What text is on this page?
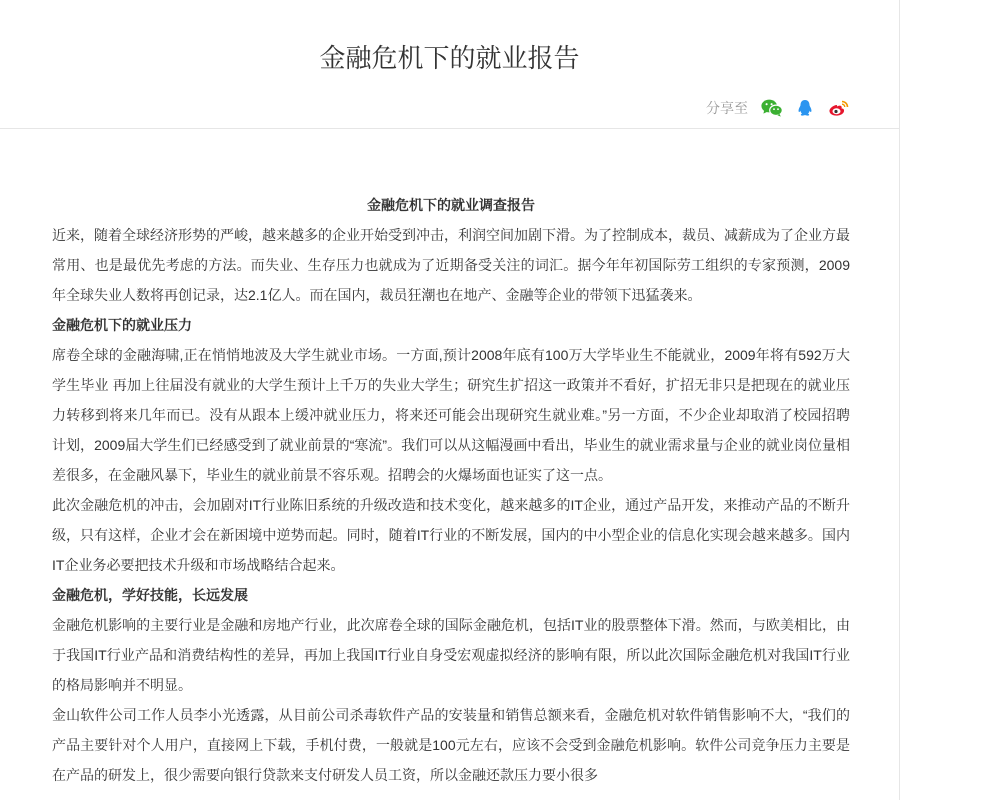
金融危机下的就业报告
分享至
金融危机下的就业调查报告
近来，随着全球经济形势的严峻，越来越多的企业开始受到冲击，利润空间加剧下滑。为了控制成本，裁员、减薪成为了企业方最
常用、也是最优先考虑的方法。而失业、生存压力也就成为了近期备受关注的词汇。据今年年初国际劳工组织的专家预测，2009
年全球失业人数将再创记录，达2.1亿人。而在国内，裁员狂潮也在地产、金融等企业的带领下迅猛袭来。
金融危机下的就业压力
席卷全球的金融海啸,正在悄悄地波及大学生就业市场。一方面,预计2008年底有100万大学毕业生不能就业，2009年将有592万大
学生毕业 再加上往届没有就业的大学生预计上千万的失业大学生；研究生扩招这一政策并不看好，扩招无非只是把现在的就业压
力转移到将来几年而已。没有从跟本上缓冲就业压力，将来还可能会出现研究生就业难。”另一方面，不少企业却取消了校园招聘
计划，2009届大学生们已经感受到了就业前景的“寒流”。我们可以从这幅漫画中看出，毕业生的就业需求量与企业的就业岗位量相
差很多，在金融风暴下，毕业生的就业前景不容乐观。招聘会的火爆场面也证实了这一点。
此次金融危机的冲击，会加剧对IT行业陈旧系统的升级改造和技术变化，越来越多的IT企业，通过产品开发，来推动产品的不断升
级，只有这样，企业才会在新困境中逆势而起。同时，随着IT行业的不断发展，国内的中小型企业的信息化实现会越来越多。国内
IT企业务必要把技术升级和市场战略结合起来。
金融危机，学好技能，长远发展
金融危机影响的主要行业是金融和房地产行业，此次席卷全球的国际金融危机，包括IT业的股票整体下滑。然而，与欧美相比，由
于我国IT行业产品和消费结构性的差异，再加上我国IT行业自身受宏观虚拟经济的影响有限，所以此次国际金融危机对我国IT行业
的格局影响并不明显。
金山软件公司工作人员李小光透露，从目前公司杀毒软件产品的安装量和销售总额来看，金融危机对软件销售影响不大，“我们的
产品主要针对个人用户，直接网上下载，手机付费，一般就是100元左右，应该不会受到金融危机影响。软件公司竞争压力主要是
在产品的研发上，很少需要向银行贷款来支付研发人员工资，所以金融还款压力要小很多
